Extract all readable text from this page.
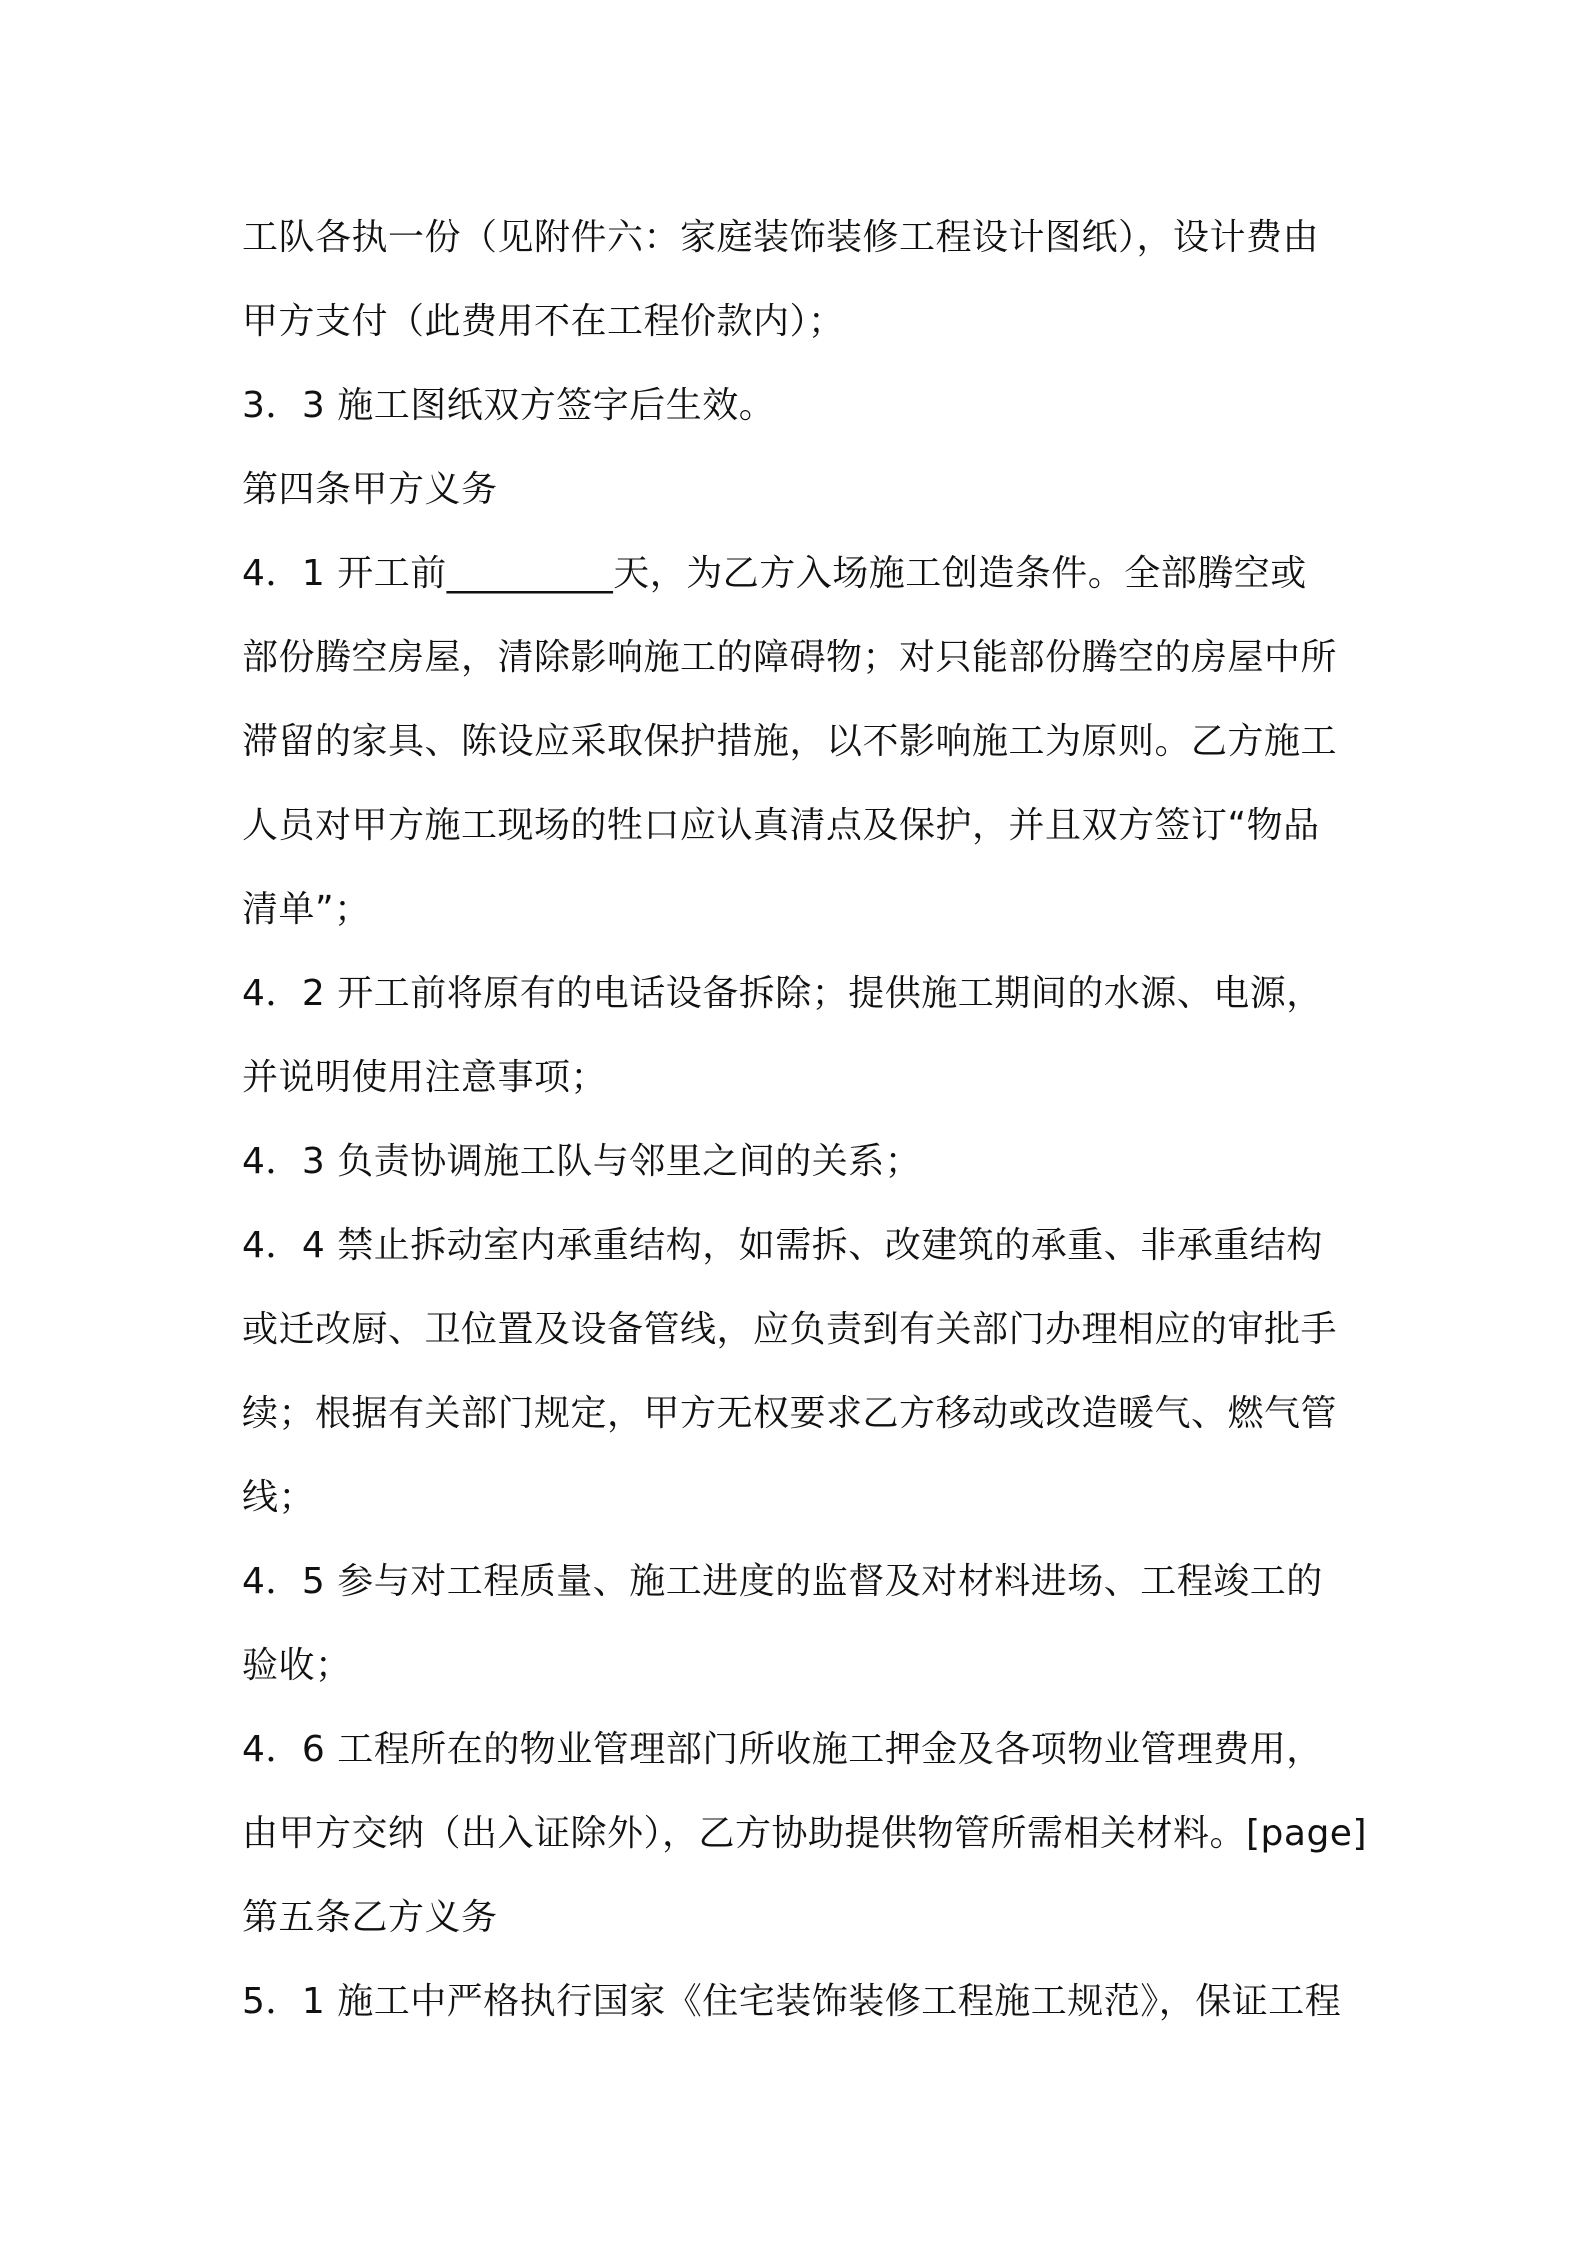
工队各执一份（见附件六：家庭装饰装修工程设计图纸），设计费由
甲方支付（此费用不在工程价款内）；
3．3 施工图纸双方签字后生效。
第四条甲方义务
4．1 开工前_________天，为乙方入场施工创造条件。全部腾空或
部份腾空房屋，清除影响施工的障碍物；对只能部份腾空的房屋中所
滞留的家具、陈设应采取保护措施，以不影响施工为原则。乙方施工
人员对甲方施工现场的牲口应认真清点及保护，并且双方签订“物品
清单”；
4．2 开工前将原有的电话设备拆除；提供施工期间的水源、电源，
并说明使用注意事项；
4．3 负责协调施工队与邻里之间的关系；
4．4 禁止拆动室内承重结构，如需拆、改建筑的承重、非承重结构
或迁改厨、卫位置及设备管线，应负责到有关部门办理相应的审批手
续；根据有关部门规定，甲方无权要求乙方移动或改造暖气、燃气管
线；
4．5 参与对工程质量、施工进度的监督及对材料进场、工程竣工的
验收；
4．6 工程所在的物业管理部门所收施工押金及各项物业管理费用，
由甲方交纳（出入证除外），乙方协助提供物管所需相关材料。[page]
第五条乙方义务
5．1 施工中严格执行国家《住宅装饰装修工程施工规范》，保证工程
